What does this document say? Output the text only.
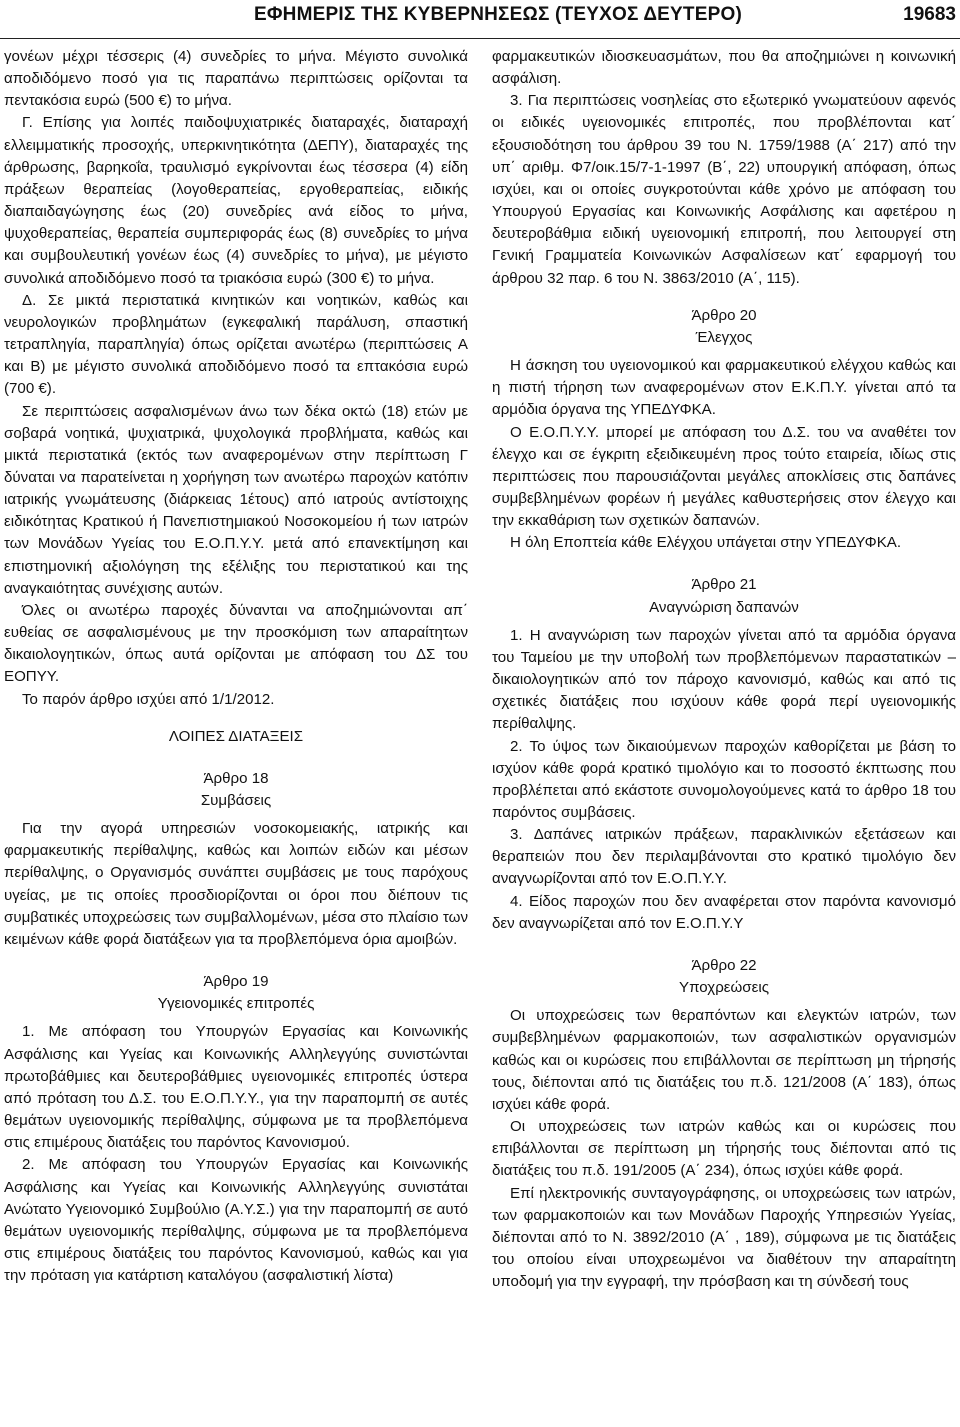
ΕΦΗΜΕΡΙΣ ΤΗΣ ΚΥΒΕΡΝΗΣΕΩΣ (ΤΕΥΧΟΣ ΔΕΥΤΕΡΟ)	19683

γονέων μέχρι τέσσερις (4) συνεδρίες το μήνα. Μέγιστο συνολικά αποδιδόμενο ποσό για τις παραπάνω περιπτώσεις ορίζονται τα πεντακόσια ευρώ (500 €) το μήνα.

Γ. Επίσης για λοιπές παιδοψυχιατρικές διαταραχές, διαταραχή ελλειμματικής προσοχής, υπερκινητικότητα (ΔΕΠΥ), διαταραχές της άρθρωσης, βαρηκοΐα, τραυλισμό εγκρίνονται έως τέσσερα (4) είδη πράξεων θεραπείας (λογοθεραπείας, εργοθεραπείας, ειδικής διαπαιδαγώγησης έως (20) συνεδρίες ανά είδος το μήνα, ψυχοθεραπείας, θεραπεία συμπεριφοράς έως (8) συνεδρίες το μήνα και συμβουλευτική γονέων έως (4) συνεδρίες το μήνα), με μέγιστο συνολικά αποδιδόμενο ποσό τα τριακόσια ευρώ (300 €) το μήνα.

Δ. Σε μικτά περιστατικά κινητικών και νοητικών, καθώς και νευρολογικών προβλημάτων (εγκεφαλική παράλυση, σπαστική τετραπληγία, παραπληγία) όπως ορίζεται ανωτέρω (περιπτώσεις Α και Β) με μέγιστο συνολικά αποδιδόμενο ποσό τα επτακόσια ευρώ (700 €).

Σε περιπτώσεις ασφαλισμένων άνω των δέκα οκτώ (18) ετών με σοβαρά νοητικά, ψυχιατρικά, ψυχολογικά προβλήματα, καθώς και μικτά περιστατικά (εκτός των αναφερομένων στην περίπτωση Γ δύναται να παρατείνεται η χορήγηση των ανωτέρω παροχών κατόπιν ιατρικής γνωμάτευσης (διάρκειας 1έτους) από ιατρούς αντίστοιχης ειδικότητας Κρατικού ή Πανεπιστημιακού Νοσοκομείου ή των ιατρών των Μονάδων Υγείας του Ε.Ο.Π.Υ.Υ. μετά από επανεκτίμηση και επιστημονική αξιολόγηση της εξέλιξης του περιστατικού και της αναγκαιότητας συνέχισης αυτών.

Όλες οι ανωτέρω παροχές δύνανται να αποζημιώνονται απ΄ ευθείας σε ασφαλισμένους με την προσκόμιση των απαραίτητων δικαιολογητικών, όπως αυτά ορίζονται με απόφαση του ΔΣ του ΕΟΠΥΥ.

Το παρόν άρθρο ισχύει από 1/1/2012.

ΛΟΙΠΕΣ ΔΙΑΤΑΞΕΙΣ

Άρθρο 18

Συμβάσεις

Για την αγορά υπηρεσιών νοσοκομειακής, ιατρικής και φαρμακευτικής περίθαλψης, καθώς και λοιπών ειδών και μέσων περίθαλψης, ο Οργανισμός συνάπτει συμβάσεις με τους παρόχους υγείας, με τις οποίες προσδιορίζονται οι όροι που διέπουν τις συμβατικές υποχρεώσεις των συμβαλλομένων, μέσα στο πλαίσιο των κειμένων κάθε φορά διατάξεων για τα προβλεπόμενα όρια αμοιβών.

Άρθρο 19

Υγειονομικές επιτροπές

1. Με απόφαση του Υπουργών Εργασίας και Κοινωνικής Ασφάλισης και Υγείας και Κοινωνικής Αλληλεγγύης συνιστώνται πρωτοβάθμιες και δευτεροβάθμιες υγειονομικές επιτροπές ύστερα από πρόταση του Δ.Σ. του Ε.Ο.Π.Υ.Υ., για την παραπομπή σε αυτές θεμάτων υγειονομικής περίθαλψης, σύμφωνα με τα προβλεπόμενα στις επιμέρους διατάξεις του παρόντος Κανονισμού.

2. Με απόφαση του Υπουργών Εργασίας και Κοινωνικής Ασφάλισης και Υγείας και Κοινωνικής Αλληλεγγύης συνιστάται Ανώτατο Υγειονομικό Συμβούλιο (Α.Υ.Σ.) για την παραπομπή σε αυτό θεμάτων υγειονομικής περίθαλψης, σύμφωνα με τα προβλεπόμενα στις επιμέρους διατάξεις του παρόντος Κανονισμού, καθώς και για την πρόταση για κατάρτιση καταλόγου (ασφαλιστική λίστα)

φαρμακευτικών ιδιοσκευασμάτων, που θα αποζημιώνει η κοινωνική ασφάλιση.

3. Για περιπτώσεις νοσηλείας στο εξωτερικό γνωματεύουν αφενός οι ειδικές υγειονομικές επιτροπές, που προβλέπονται κατ΄ εξουσιοδότηση του άρθρου 39 του Ν. 1759/1988 (Α΄ 217) από την υπ΄ αριθμ. Φ7/οικ.15/7-1-1997 (Β΄, 22) υπουργική απόφαση, όπως ισχύει, και οι οποίες συγκροτούνται κάθε χρόνο με απόφαση του Υπουργού Εργασίας και Κοινωνικής Ασφάλισης και αφετέρου η δευτεροβάθμια ειδική υγειονομική επιτροπή, που λειτουργεί στη Γενική Γραμματεία Κοινωνικών Ασφαλίσεων κατ΄ εφαρμογή του άρθρου 32 παρ. 6 του Ν. 3863/2010 (Α΄, 115).

Άρθρο 20

Έλεγχος

Η άσκηση του υγειονομικού και φαρμακευτικού ελέγχου καθώς και η πιστή τήρηση των αναφερομένων στον Ε.Κ.Π.Υ. γίνεται από τα αρμόδια όργανα της ΥΠΕΔΥΦΚΑ.

Ο Ε.Ο.Π.Υ.Υ. μπορεί με απόφαση του Δ.Σ. του να αναθέτει τον έλεγχο και σε έγκριτη εξειδικευμένη προς τούτο εταιρεία, ιδίως στις περιπτώσεις που παρουσιάζονται μεγάλες αποκλίσεις στις δαπάνες συμβεβλημένων φορέων ή μεγάλες καθυστερήσεις στον έλεγχο και την εκκαθάριση των σχετικών δαπανών.

Η όλη Εποπτεία κάθε Ελέγχου υπάγεται στην ΥΠΕΔΥΦΚΑ.

Άρθρο 21

Αναγνώριση δαπανών

1. Η αναγνώριση των παροχών γίνεται από τα αρμόδια όργανα του Ταμείου με την υποβολή των προβλεπόμενων παραστατικών – δικαιολογητικών από τον πάροχο κανονισμό, καθώς και από τις σχετικές διατάξεις που ισχύουν κάθε φορά περί υγειονομικής περίθαλψης.

2. Το ύψος των δικαιούμενων παροχών καθορίζεται με βάση το ισχύον κάθε φορά κρατικό τιμολόγιο και το ποσοστό έκπτωσης που προβλέπεται από εκάστοτε συνομολογούμενες κατά το άρθρο 18 του παρόντος συμβάσεις.

3. Δαπάνες ιατρικών πράξεων, παρακλινικών εξετάσεων και θεραπειών που δεν περιλαμβάνονται στο κρατικό τιμολόγιο δεν αναγνωρίζονται από τον Ε.Ο.Π.Υ.Υ.

4. Είδος παροχών που δεν αναφέρεται στον παρόντα κανονισμό δεν αναγνωρίζεται από τον Ε.Ο.Π.Υ.Υ

Άρθρο 22

Υποχρεώσεις

Οι υποχρεώσεις των θεραπόντων και ελεγκτών ιατρών, των συμβεβλημένων φαρμακοποιών, των ασφαλιστικών οργανισμών καθώς και οι κυρώσεις που επιβάλλονται σε περίπτωση μη τήρησής τους, διέπονται από τις διατάξεις του π.δ. 121/2008 (Α΄ 183), όπως ισχύει κάθε φορά.

Οι υποχρεώσεις των ιατρών καθώς και οι κυρώσεις που επιβάλλονται σε περίπτωση μη τήρησής τους διέπονται από τις διατάξεις του π.δ. 191/2005 (Α΄ 234), όπως ισχύει κάθε φορά.

Επί ηλεκτρονικής συνταγογράφησης, οι υποχρεώσεις των ιατρών, των φαρμακοποιών και των Μονάδων Παροχής Υπηρεσιών Υγείας, διέπονται από το Ν. 3892/2010 (Α΄ , 189), σύμφωνα με τις διατάξεις του οποίου είναι υποχρεωμένοι να διαθέτουν την απαραίτητη υποδομή για την εγγραφή, την πρόσβαση και τη σύνδεσή τους
